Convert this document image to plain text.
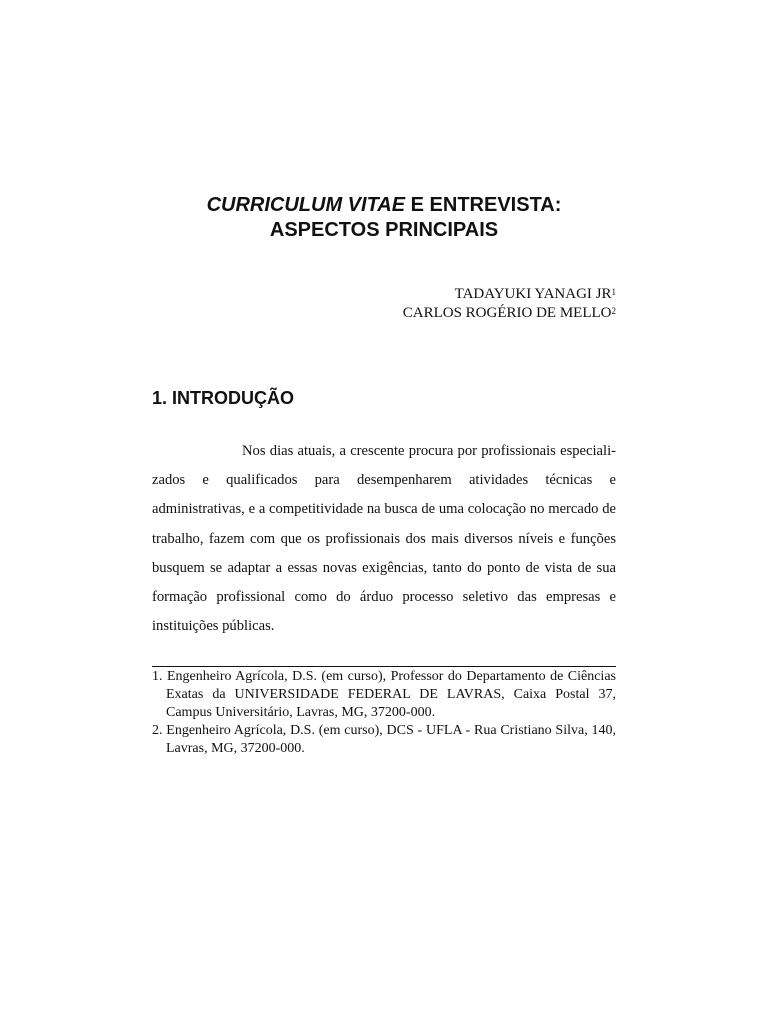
CURRICULUM VITAE E ENTREVISTA:
ASPECTOS PRINCIPAIS
TADAYUKI YANAGI $JR^1$
CARLOS ROGÉRIO DE MELLO$^2$
1. INTRODUÇÃO

Nos dias atuais, a crescente procura por profissionais especiali-zados e qualificados para desempenharem atividades técnicas e administrativas, e a competitividade na busca de uma colocação no mercado de trabalho, fazem com que os profissionais dos mais diversos níveis e funções busquem se adaptar a essas novas exigências, tanto do ponto de vista de sua formação profissional como do árduo processo seletivo das empresas e instituições públicas.

1. Engenheiro Agrícola, D.S. (em curso), Professor do Departamento de Ciências Exatas da UNIVERSIDADE FEDERAL DE LAVRAS, Caixa Postal 37, Campus Universitário, Lavras, MG, 37200-000.

2. Engenheiro Agrícola, D.S. (em curso), DCS - UFLA - Rua Cristiano Silva, 140, Lavras, MG, 37200-000.
